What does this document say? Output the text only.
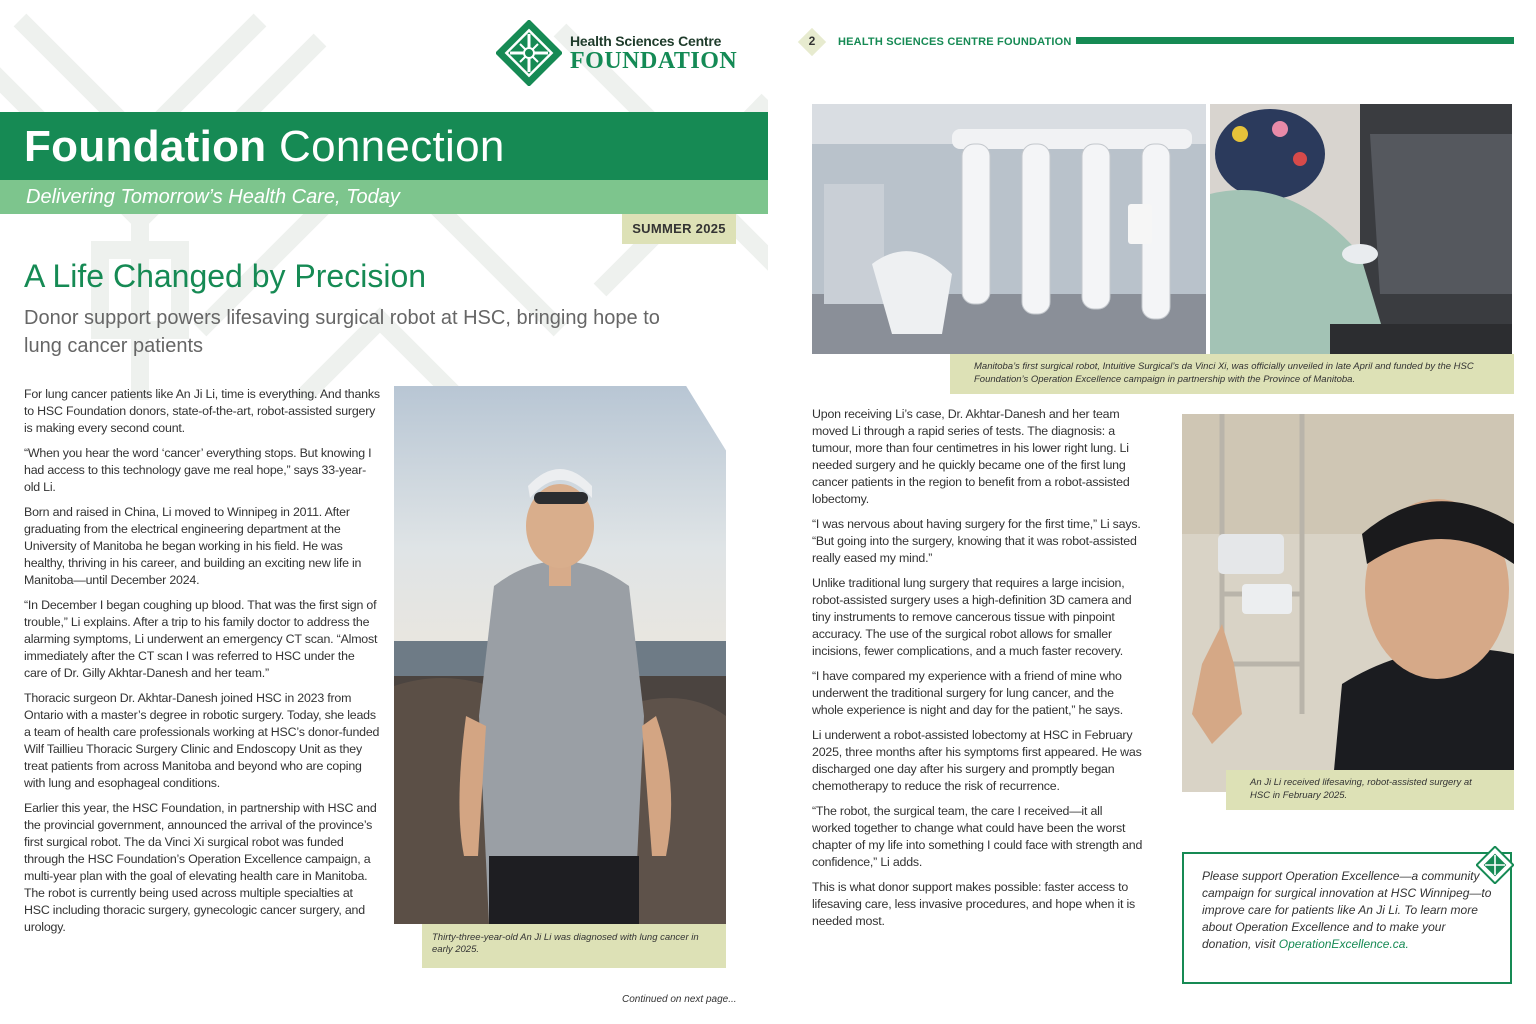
Health Sciences Centre
FOUNDATION
Foundation Connection
Delivering Tomorrow’s Health Care, Today
SUMMER 2025
A Life Changed by Precision
Donor support powers lifesaving surgical robot at HSC, bringing hope to lung cancer patients

For lung cancer patients like An Ji Li, time is everything. And thanks to HSC Foundation donors, state-of-the-art, robot-assisted surgery is making every second count.

“When you hear the word ‘cancer’ everything stops. But knowing I had access to this technology gave me real hope,” says 33-year-old Li.

Born and raised in China, Li moved to Winnipeg in 2011. After graduating from the electrical engineering department at the University of Manitoba he began working in his field. He was healthy, thriving in his career, and building an exciting new life in Manitoba—until December 2024.

“In December I began coughing up blood. That was the first sign of trouble,” Li explains. After a trip to his family doctor to address the alarming symptoms, Li underwent an emergency CT scan. “Almost immediately after the CT scan I was referred to HSC under the care of Dr. Gilly Akhtar-Danesh and her team.”

Thoracic surgeon Dr. Akhtar-Danesh joined HSC in 2023 from Ontario with a master’s degree in robotic surgery. Today, she leads a team of health care professionals working at HSC’s donor-funded Wilf Taillieu Thoracic Surgery Clinic and Endoscopy Unit as they treat patients from across Manitoba and beyond who are coping with lung and esophageal conditions.

Earlier this year, the HSC Foundation, in partnership with HSC and the provincial government, announced the arrival of the province’s first surgical robot. The da Vinci Xi surgical robot was funded through the HSC Foundation’s Operation Excellence campaign, a multi-year plan with the goal of elevating health care in Manitoba. The robot is currently being used across multiple specialties at HSC including thoracic surgery, gynecologic cancer surgery, and urology.

Thirty-three-year-old An Ji Li was diagnosed with lung cancer in early 2025.
Continued on next page...
2	HEALTH SCIENCES CENTRE FOUNDATION
Manitoba’s first surgical robot, Intuitive Surgical’s da Vinci Xi, was officially unveiled in late April and funded by the HSC Foundation’s Operation Excellence campaign in partnership with the Province of Manitoba.

Upon receiving Li’s case, Dr. Akhtar-Danesh and her team moved Li through a rapid series of tests. The diagnosis: a tumour, more than four centimetres in his lower right lung. Li needed surgery and he quickly became one of the first lung cancer patients in the region to benefit from a robot-assisted lobectomy.

“I was nervous about having surgery for the first time,” Li says. “But going into the surgery, knowing that it was robot-assisted really eased my mind.”

Unlike traditional lung surgery that requires a large incision, robot-assisted surgery uses a high-definition 3D camera and tiny instruments to remove cancerous tissue with pinpoint accuracy. The use of the surgical robot allows for smaller incisions, fewer complications, and a much faster recovery.

“I have compared my experience with a friend of mine who underwent the traditional surgery for lung cancer, and the whole experience is night and day for the patient,” he says.

Li underwent a robot-assisted lobectomy at HSC in February 2025, three months after his symptoms first appeared. He was discharged one day after his surgery and promptly began chemotherapy to reduce the risk of recurrence.

“The robot, the surgical team, the care I received—it all worked together to change what could have been the worst chapter of my life into something I could face with strength and confidence,” Li adds.

This is what donor support makes possible: faster access to lifesaving care, less invasive procedures, and hope when it is needed most.

An Ji Li received lifesaving, robot-assisted surgery at HSC in February 2025.
Please support Operation Excellence—a community campaign for surgical innovation at HSC Winnipeg—to improve care for patients like An Ji Li. To learn more about Operation Excellence and to make your donation, visit OperationExcellence.ca.
